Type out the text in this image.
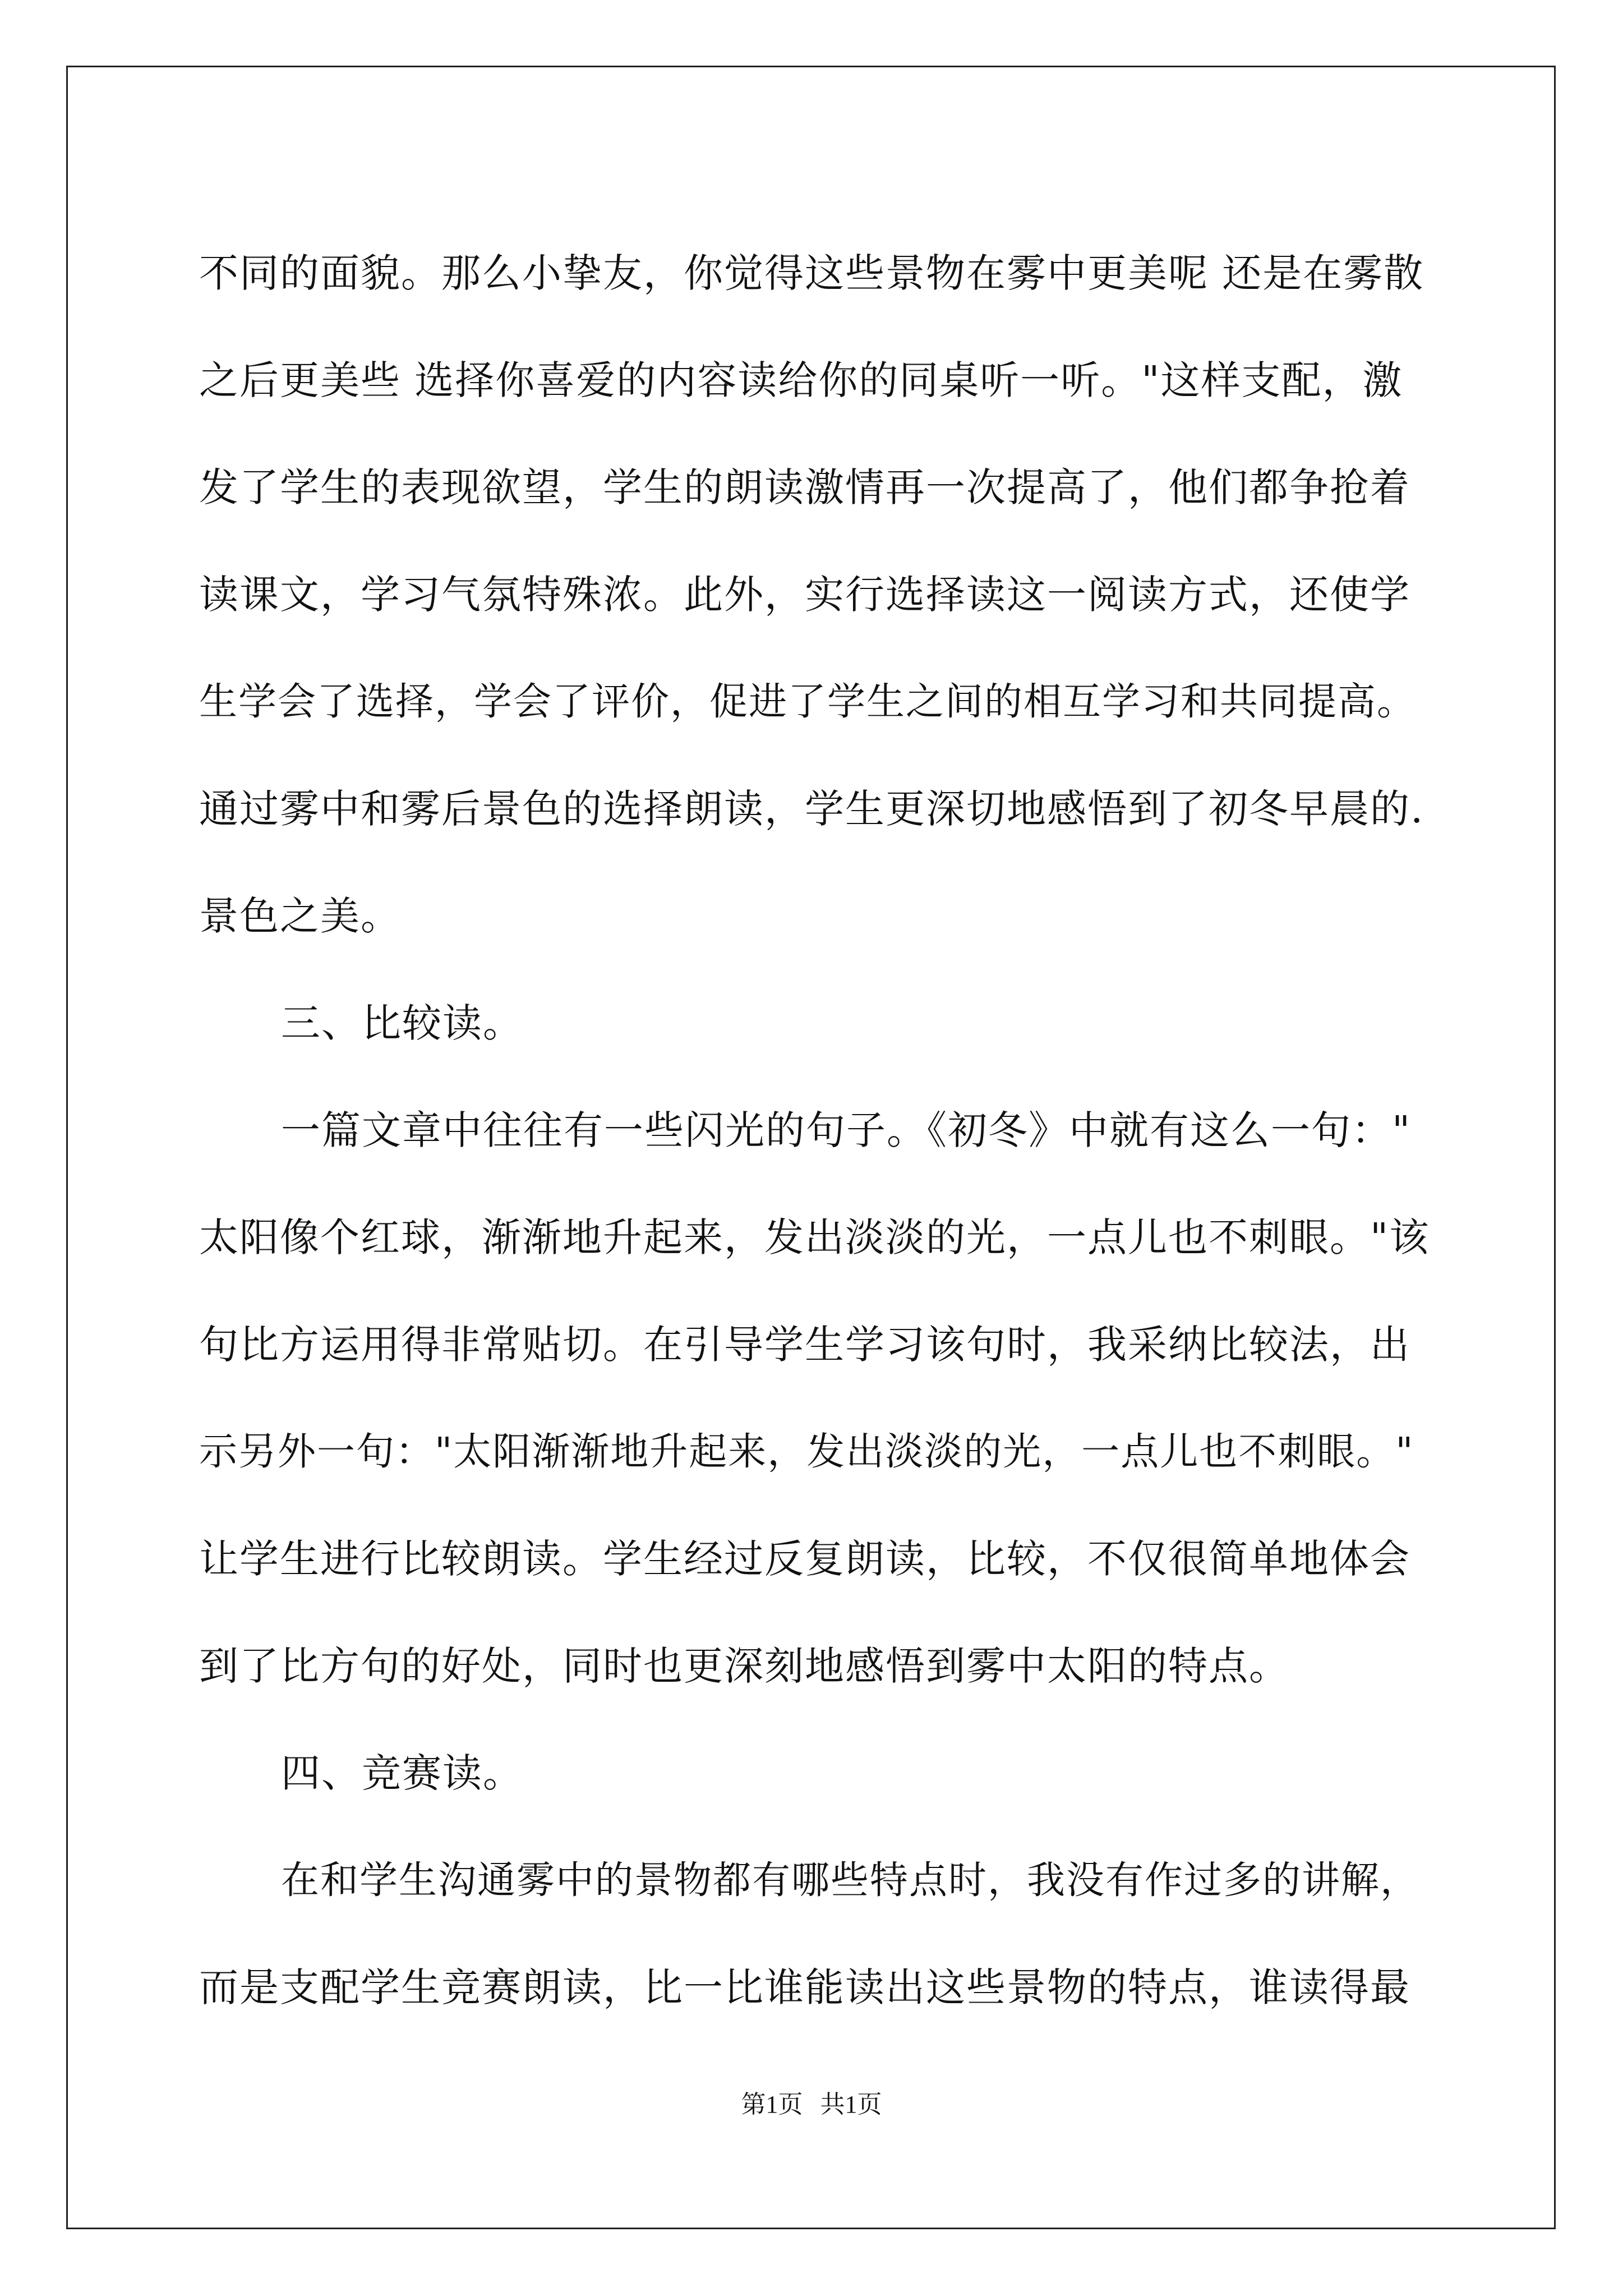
不同的面貌。那么小挚友，你觉得这些景物在雾中更美呢 还是在雾散
之后更美些 选择你喜爱的内容读给你的同桌听一听。"这样支配，激
发了学生的表现欲望，学生的朗读激情再一次提高了，他们都争抢着
读课文，学习气氛特殊浓。此外，实行选择读这一阅读方式，还使学
生学会了选择，学会了评价，促进了学生之间的相互学习和共同提高。
通过雾中和雾后景色的选择朗读，学生更深切地感悟到了初冬早晨的.
景色之美。
三、比较读。
一篇文章中往往有一些闪光的句子。《初冬》中就有这么一句："
太阳像个红球，渐渐地升起来，发出淡淡的光，一点儿也不刺眼。"该
句比方运用得非常贴切。在引导学生学习该句时，我采纳比较法，出
示另外一句："太阳渐渐地升起来，发出淡淡的光，一点儿也不刺眼。"
让学生进行比较朗读。学生经过反复朗读，比较，不仅很简单地体会
到了比方句的好处，同时也更深刻地感悟到雾中太阳的特点。
四、竞赛读。
在和学生沟通雾中的景物都有哪些特点时，我没有作过多的讲解，
而是支配学生竞赛朗读，比一比谁能读出这些景物的特点，谁读得最
第1页 共1页
